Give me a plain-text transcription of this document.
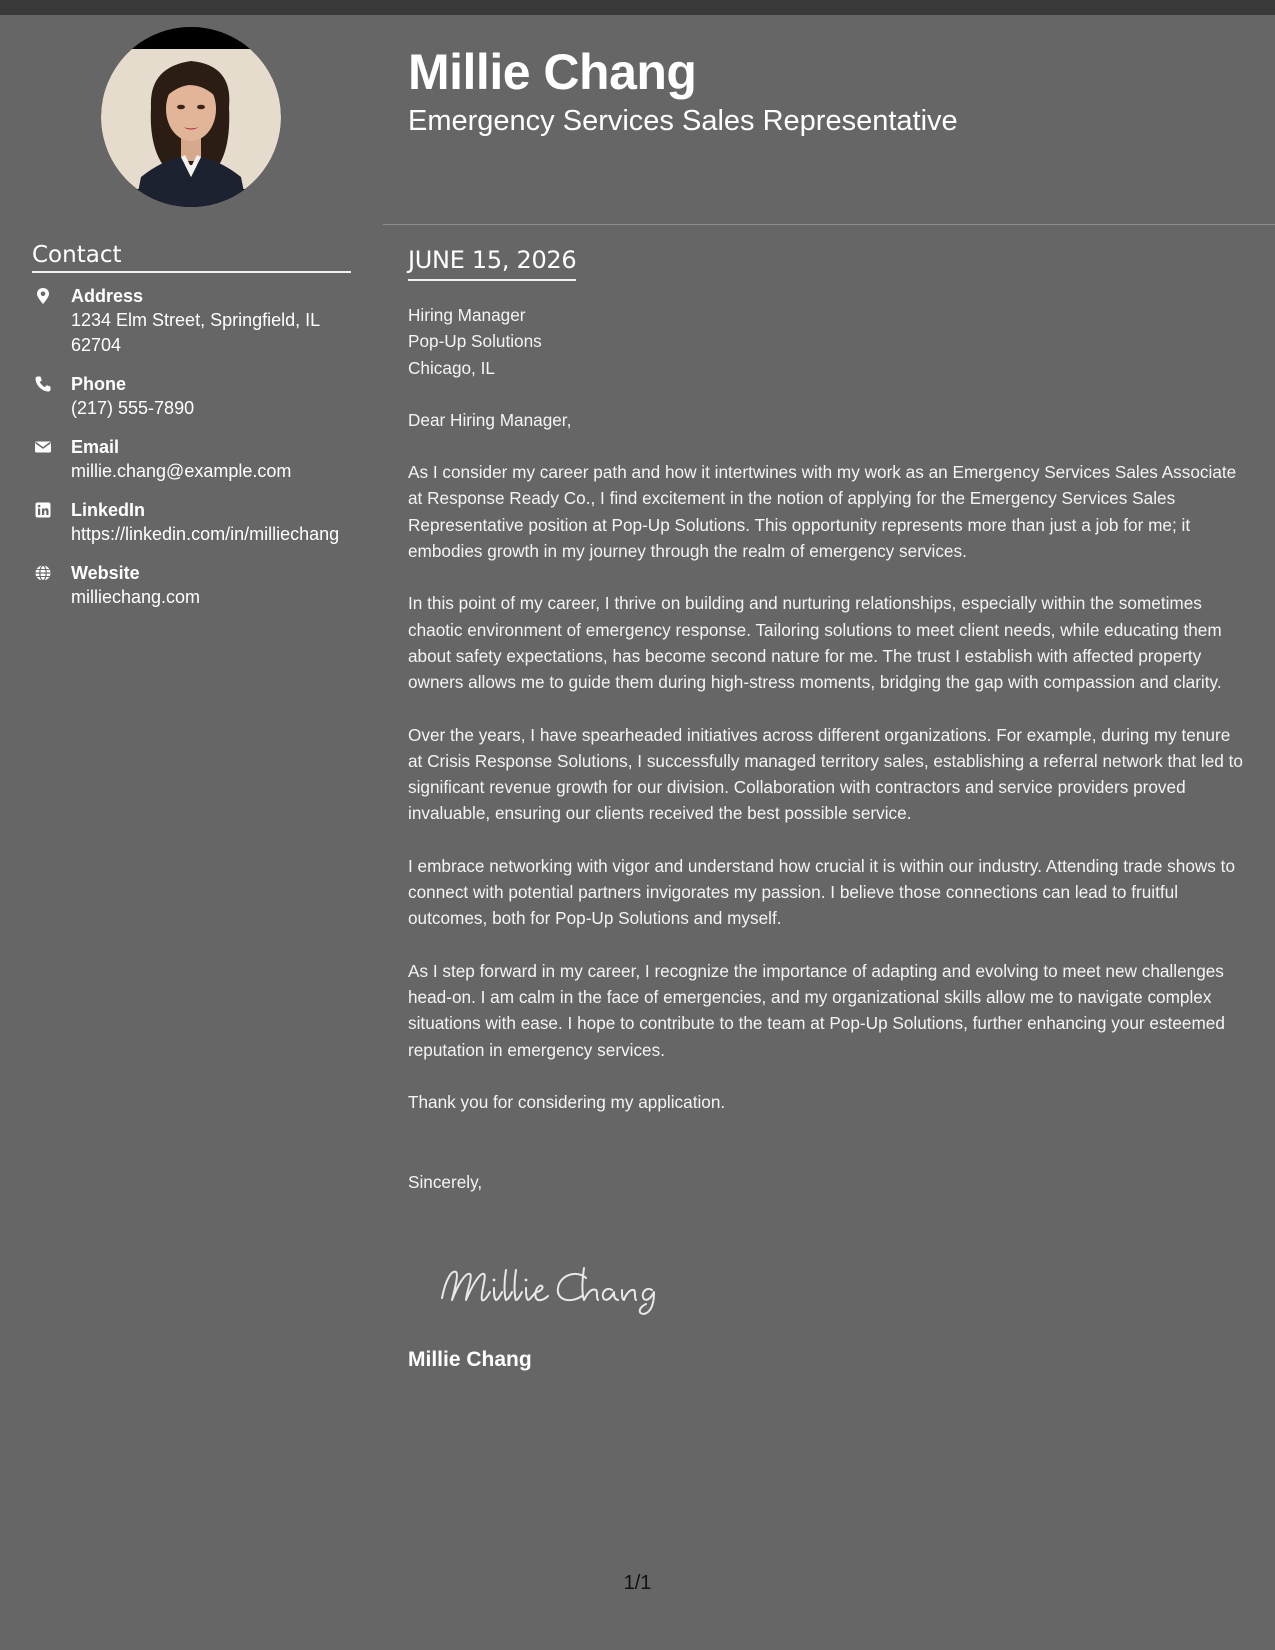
Contact
Address
1234 Elm Street, Springfield, IL 62704
Phone
(217) 555-7890
Email
millie.chang@example.com
LinkedIn
https://linkedin.com/in/milliechang
Website
milliechang.com
Millie Chang
Emergency Services Sales Representative
JUNE 15, 2026

Hiring Manager
Pop-Up Solutions
Chicago, IL

Dear Hiring Manager,

As I consider my career path and how it intertwines with my work as an Emergency Services Sales Associate at Response Ready Co., I find excitement in the notion of applying for the Emergency Services Sales Representative position at Pop-Up Solutions. This opportunity represents more than just a job for me; it embodies growth in my journey through the realm of emergency services.

In this point of my career, I thrive on building and nurturing relationships, especially within the sometimes chaotic environment of emergency response. Tailoring solutions to meet client needs, while educating them about safety expectations, has become second nature for me. The trust I establish with affected property owners allows me to guide them during high-stress moments, bridging the gap with compassion and clarity.

Over the years, I have spearheaded initiatives across different organizations. For example, during my tenure at Crisis Response Solutions, I successfully managed territory sales, establishing a referral network that led to significant revenue growth for our division. Collaboration with contractors and service providers proved invaluable, ensuring our clients received the best possible service.

I embrace networking with vigor and understand how crucial it is within our industry. Attending trade shows to connect with potential partners invigorates my passion. I believe those connections can lead to fruitful outcomes, both for Pop-Up Solutions and myself.

As I step forward in my career, I recognize the importance of adapting and evolving to meet new challenges head-on. I am calm in the face of emergencies, and my organizational skills allow me to navigate complex situations with ease. I hope to contribute to the team at Pop-Up Solutions, further enhancing your esteemed reputation in emergency services.

Thank you for considering my application.

Sincerely,

Millie Chang
1/1
